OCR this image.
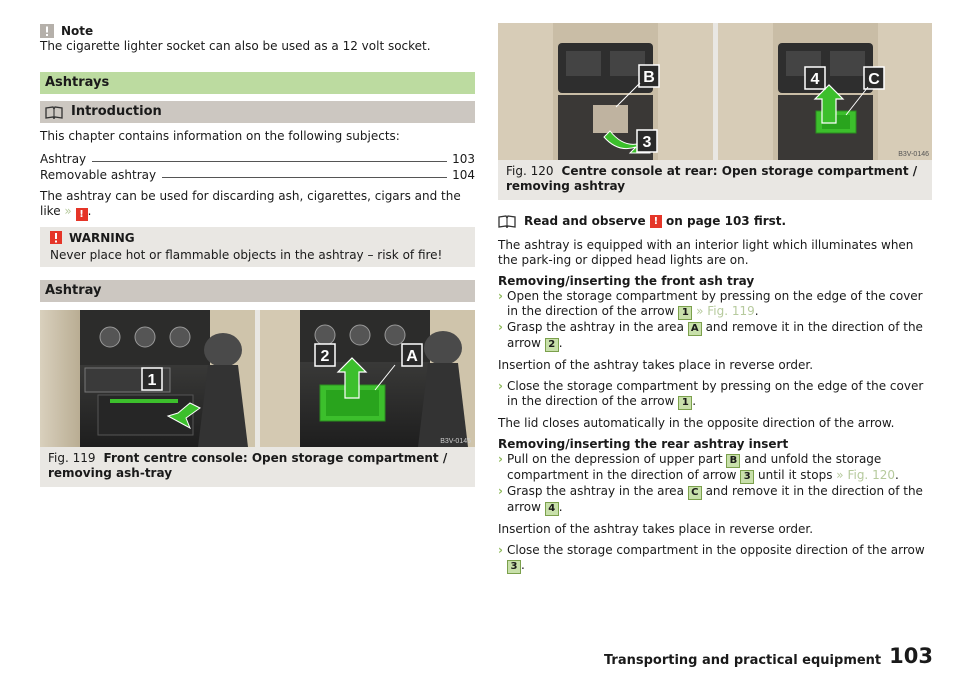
Note

The cigarette lighter socket can also be used as a 12 volt socket.

Ashtrays
Introduction

This chapter contains information on the following subjects:

Ashtray	103
Removable ashtray	104

The ashtray can be used for discarding ash, cigarettes, cigars and the like » ! .

WARNING

Never place hot or flammable objects in the ashtray – risk of fire!

Ashtray
1
2	A
B3V-0145
Fig. 119 Front centre console: Open storage compartment / removing ash-tray
B
3
4	C
B3V-0146
Fig. 120 Centre console at rear: Open storage compartment / removing ashtray
Read and observe
!
on page 103 first.

The ashtray is equipped with an interior light which illuminates when the park-ing or dipped head lights are on.

Removing/inserting the front ash tray
› Open the storage compartment by pressing on the edge of the cover in the direction of the arrow 1 » Fig. 119.
› Grasp the ashtray in the area A and remove it in the direction of the arrow 2 .

Insertion of the ashtray takes place in reverse order.

› Close the storage compartment by pressing on the edge of the cover in the direction of the arrow 1 .

The lid closes automatically in the opposite direction of the arrow.

Removing/inserting the rear ashtray insert
› Pull on the depression of upper part B and unfold the storage compartment in the direction of arrow 3 until it stops » Fig. 120.
› Grasp the ashtray in the area C and remove it in the direction of the arrow 4 .

Insertion of the ashtray takes place in reverse order.

› Close the storage compartment in the opposite direction of the arrow 3 .
Transporting and practical equipment 103
